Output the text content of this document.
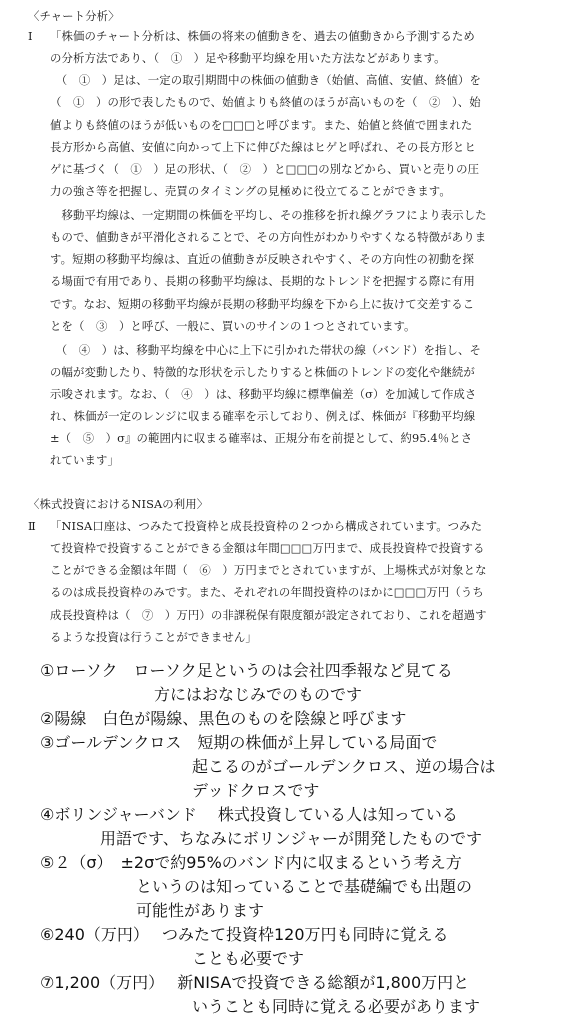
〈チャート分析〉
Ⅰ	「株価のチャート分析は、株価の将来の値動きを、過去の値動きから予測するため
の分析方法であり、（　①　）足や移動平均線を用いた方法などがあります。
　（　①　）足は、一定の取引期間中の株価の値動き（始値、高値、安値、終値）を
（　①　）の形で表したもので、始値よりも終値のほうが高いものを（　②　）、始
値よりも終値のほうが低いものを□□□と呼びます。また、始値と終値で囲まれた
長方形から高値、安値に向かって上下に伸びた線はヒゲと呼ばれ、その長方形とヒ
ゲに基づく（　①　）足の形状、（　②　）と□□□の別などから、買いと売りの圧
力の強さ等を把握し、売買のタイミングの見極めに役立てることができます。
　移動平均線は、一定期間の株価を平均し、その推移を折れ線グラフにより表示した
もので、値動きが平滑化されることで、その方向性がわかりやすくなる特徴がありま
す。短期の移動平均線は、直近の値動きが反映されやすく、その方向性の初動を探
る場面で有用であり、長期の移動平均線は、長期的なトレンドを把握する際に有用
です。なお、短期の移動平均線が長期の移動平均線を下から上に抜けて交差するこ
とを（　③　）と呼び、一般に、買いのサインの１つとされています。
　（　④　）は、移動平均線を中心に上下に引かれた帯状の線（バンド）を指し、そ
の幅が変動したり、特徴的な形状を示したりすると株価のトレンドの変化や継続が
示唆されます。なお、（　④　）は、移動平均線に標準偏差（σ）を加減して作成さ
れ、株価が一定のレンジに収まる確率を示しており、例えば、株価が『移動平均線
±（　⑤　）σ』の範囲内に収まる確率は、正規分布を前提として、約95.4％とさ
れています」
〈株式投資におけるNISAの利用〉
Ⅱ	「NISA口座は、つみたて投資枠と成長投資枠の２つから構成されています。つみた
て投資枠で投資することができる金額は年間□□□万円まで、成長投資枠で投資する
ことができる金額は年間（　⑥　）万円までとされていますが、上場株式が対象とな
るのは成長投資枠のみです。また、それぞれの年間投資枠のほかに□□□万円（うち
成長投資枠は（　⑦　）万円）の非課税保有限度額が設定されており、これを超過す
るような投資は行うことができません」
①ローソク　ローソク足というのは会社四季報など見てる
方にはおなじみでのものです
②陽線　白色が陽線、黒色のものを陰線と呼びます
③ゴールデンクロス　短期の株価が上昇している局面で
起こるのがゴールデンクロス、逆の場合は
デッドクロスです
④ボリンジャーバンド　 株式投資している人は知っている
用語です、ちなみにボリンジャーが開発したものです
⑤２（σ）　±2σで約95%のバンド内に収まるという考え方
というのは知っていることで基礎編でも出題の
可能性があります
⑥240（万円）　 つみたて投資枠120万円も同時に覚える
ことも必要です
⑦1,200（万円）　 新NISAで投資できる総額が1,800万円と
いうことも同時に覚える必要があります
